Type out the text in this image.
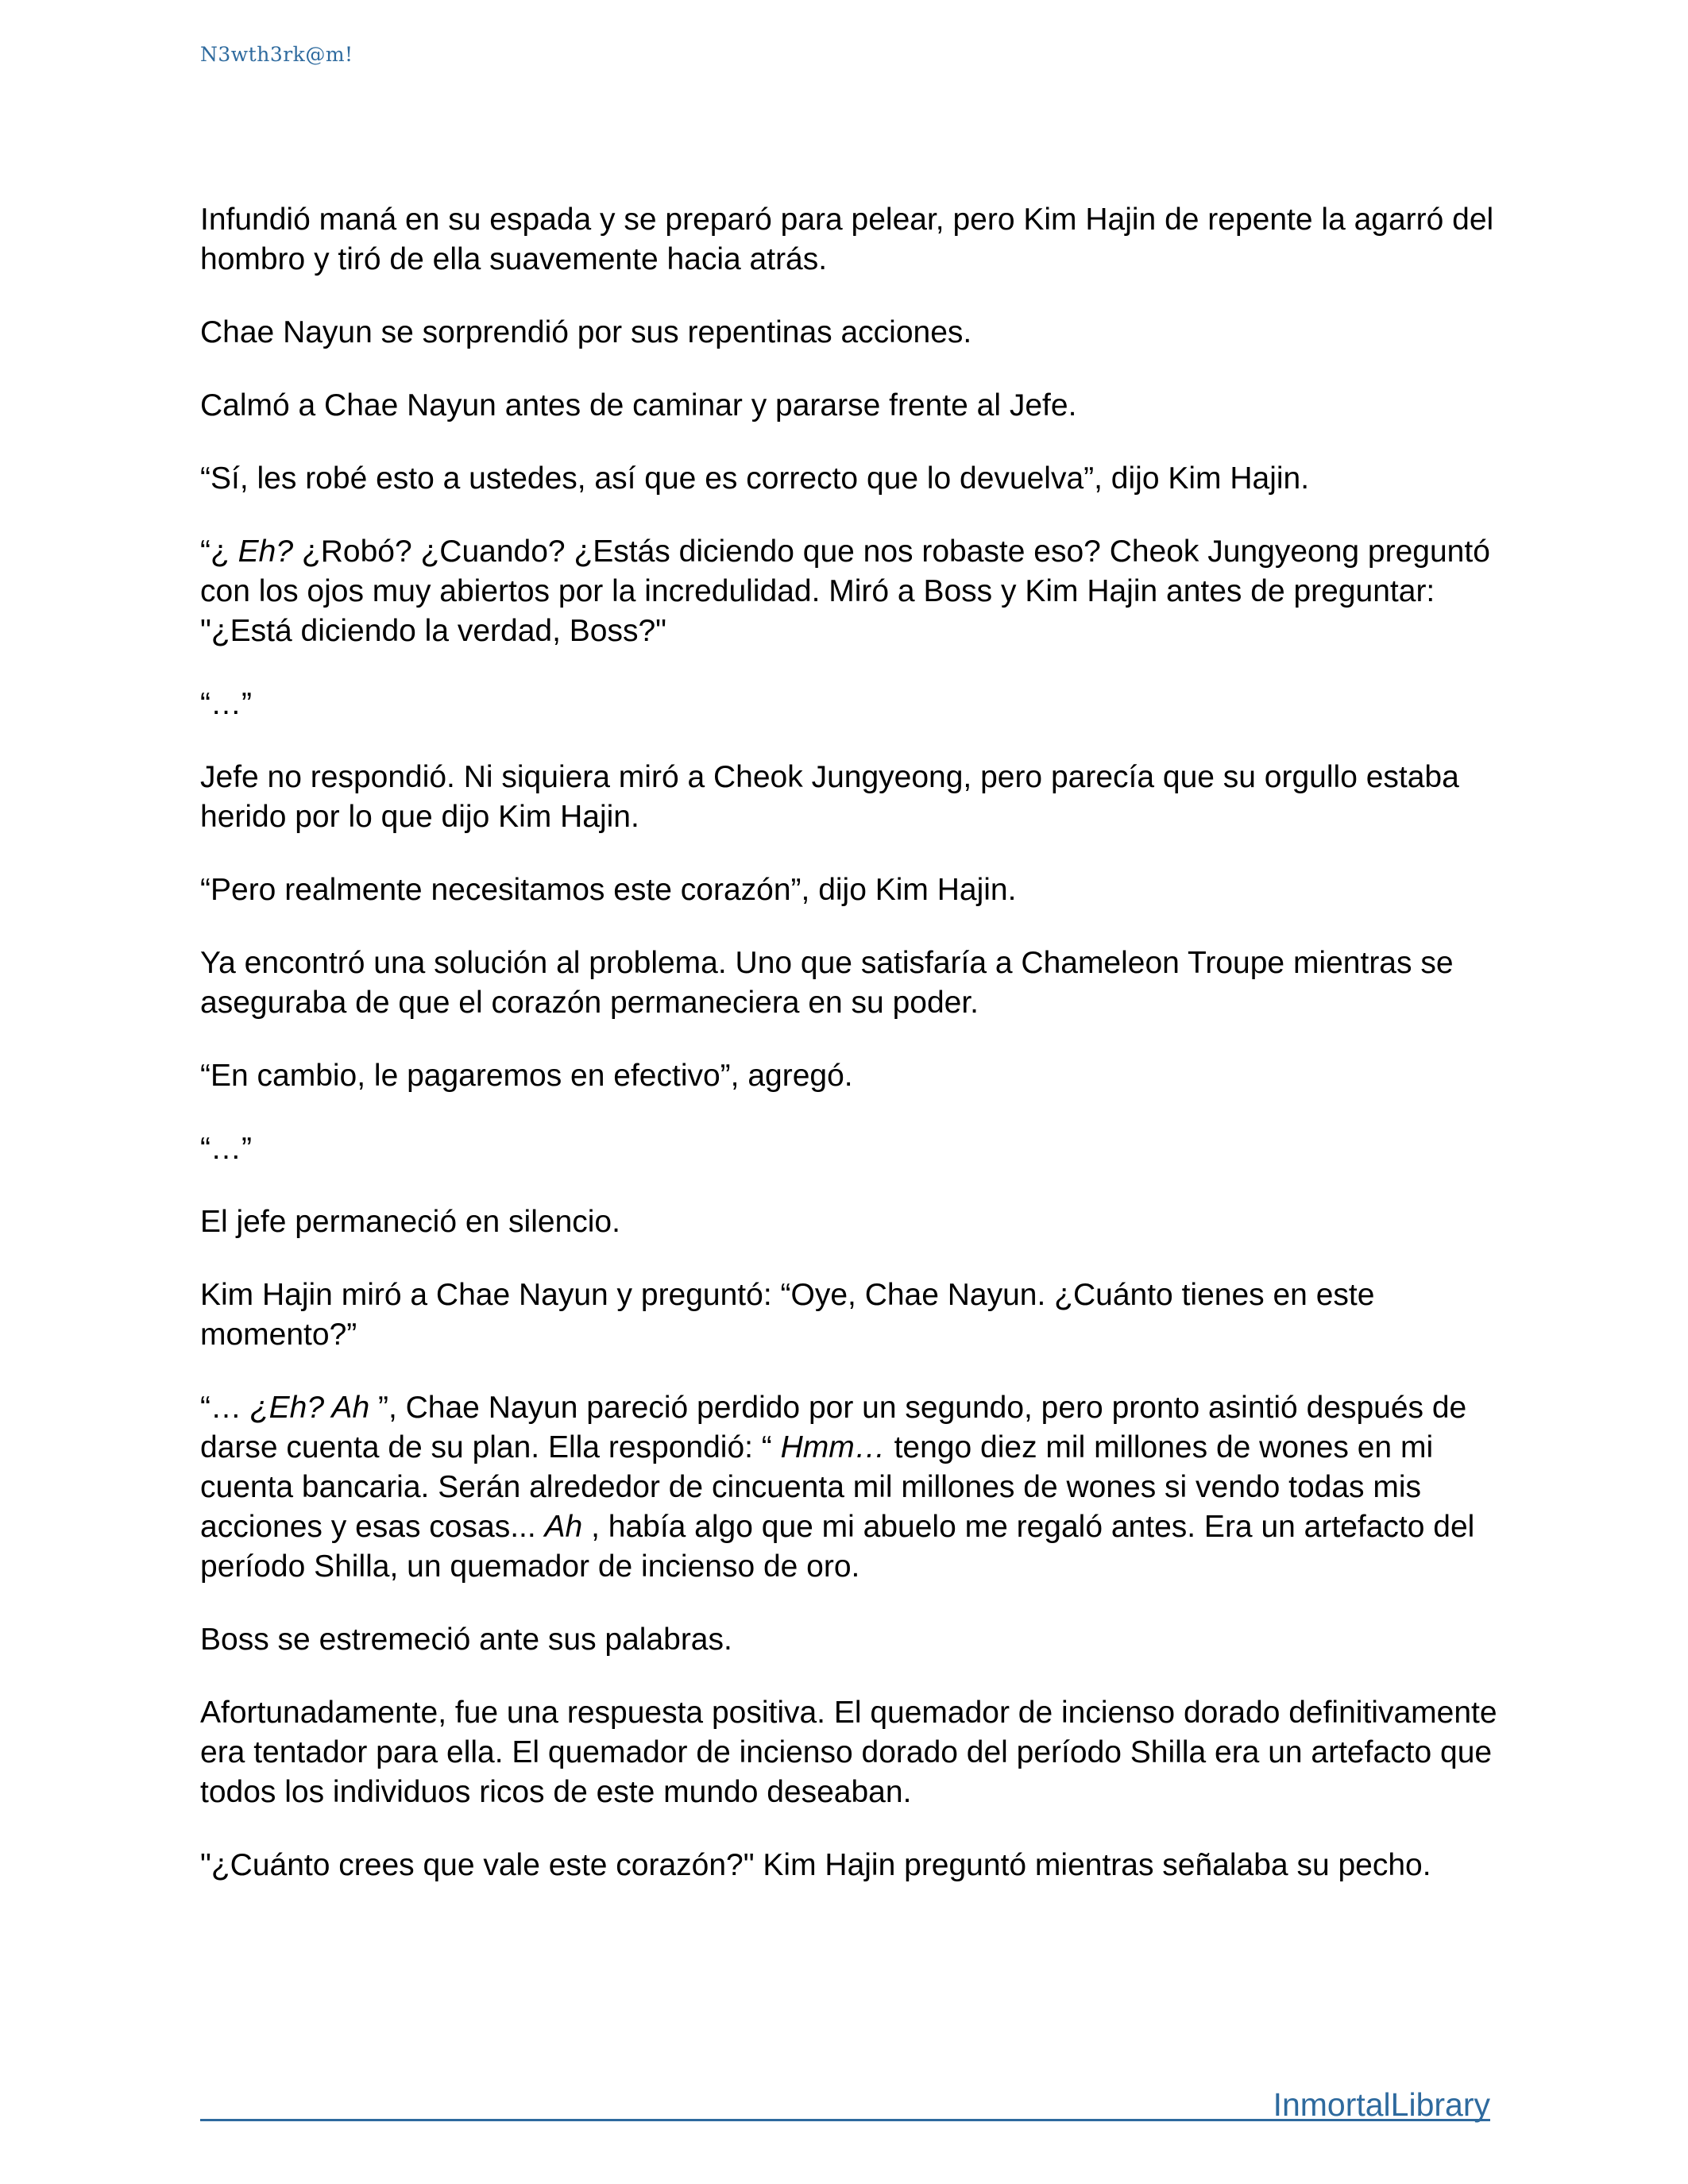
N3wth3rk@m!

Infundió maná en su espada y se preparó para pelear, pero Kim Hajin de repente la agarró del hombro y tiró de ella suavemente hacia atrás.

Chae Nayun se sorprendió por sus repentinas acciones.

Calmó a Chae Nayun antes de caminar y pararse frente al Jefe.

“Sí, les robé esto a ustedes, así que es correcto que lo devuelva”, dijo Kim Hajin.

“¿ Eh? ¿Robó? ¿Cuando? ¿Estás diciendo que nos robaste eso? Cheok Jungyeong preguntó con los ojos muy abiertos por la incredulidad. Miró a Boss y Kim Hajin antes de preguntar: "¿Está diciendo la verdad, Boss?"

“…”

Jefe no respondió. Ni siquiera miró a Cheok Jungyeong, pero parecía que su orgullo estaba herido por lo que dijo Kim Hajin.

“Pero realmente necesitamos este corazón”, dijo Kim Hajin.

Ya encontró una solución al problema. Uno que satisfaría a Chameleon Troupe mientras se aseguraba de que el corazón permaneciera en su poder.

“En cambio, le pagaremos en efectivo”, agregó.

“…”

El jefe permaneció en silencio.

Kim Hajin miró a Chae Nayun y preguntó: “Oye, Chae Nayun. ¿Cuánto tienes en este momento?”

“… ¿Eh? Ah ”, Chae Nayun pareció perdido por un segundo, pero pronto asintió después de darse cuenta de su plan. Ella respondió: “ Hmm… tengo diez mil millones de wones en mi cuenta bancaria. Serán alrededor de cincuenta mil millones de wones si vendo todas mis acciones y esas cosas... Ah , había algo que mi abuelo me regaló antes. Era un artefacto del período Shilla, un quemador de incienso de oro.

Boss se estremeció ante sus palabras.

Afortunadamente, fue una respuesta positiva. El quemador de incienso dorado definitivamente era tentador para ella. El quemador de incienso dorado del período Shilla era un artefacto que todos los individuos ricos de este mundo deseaban.

"¿Cuánto crees que vale este corazón?" Kim Hajin preguntó mientras señalaba su pecho.

InmortalLibrary
